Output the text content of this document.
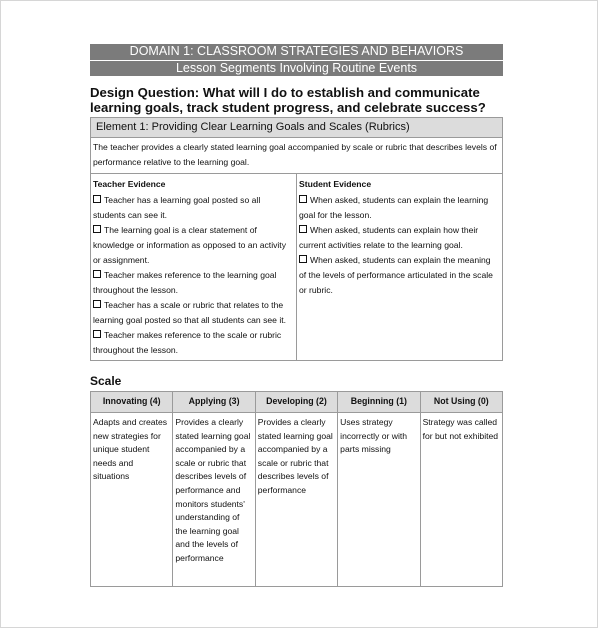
DOMAIN 1: CLASSROOM STRATEGIES AND BEHAVIORS
Lesson Segments Involving Routine Events
Design Question: What will I do to establish and communicate learning goals, track student progress, and celebrate success?
Element 1: Providing Clear Learning Goals and Scales (Rubrics)
The teacher provides a clearly stated learning goal accompanied by scale or rubric that describes levels of performance relative to the learning goal.

Teacher Evidence
Teacher has a learning goal posted so all students can see it.
The learning goal is a clear statement of knowledge or information as opposed to an activity or assignment.
Teacher makes reference to the learning goal throughout the lesson.
Teacher has a scale or rubric that relates to the learning goal posted so that all students can see it.
Teacher makes reference to the scale or rubric throughout the lesson.

Student Evidence
When asked, students can explain the learning goal for the lesson.
When asked, students can explain how their current activities relate to the learning goal.
When asked, students can explain the meaning of the levels of performance articulated in the scale or rubric.
Scale
Innovating (4)	Applying (3)	Developing (2)	Beginning (1)	Not Using (0)
Adapts and creates new strategies for unique student needs and situations	Provides a clearly stated learning goal accompanied by a scale or rubric that describes levels of performance and monitors students' understanding of the learning goal and the levels of performance	Provides a clearly stated learning goal accompanied by a scale or rubric that describes levels of performance	Uses strategy incorrectly or with parts missing	Strategy was called for but not exhibited
